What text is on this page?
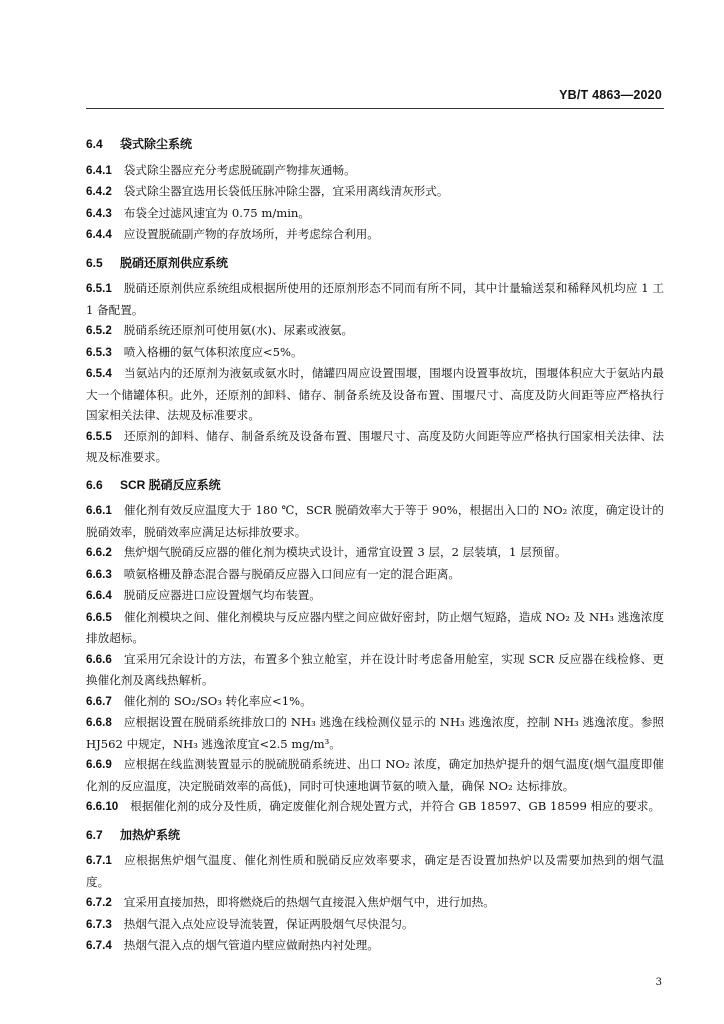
YB/T 4863—2020
6.4 袋式除尘系统
6.4.1 袋式除尘器应充分考虑脱硫副产物排灰通畅。
6.4.2 袋式除尘器宜选用长袋低压脉冲除尘器，宜采用离线清灰形式。
6.4.3 布袋全过滤风速宜为 0.75 m/min。
6.4.4 应设置脱硫副产物的存放场所，并考虑综合利用。
6.5 脱硝还原剂供应系统
6.5.1 脱硝还原剂供应系统组成根据所使用的还原剂形态不同而有所不同，其中计量输送泵和稀释风机均应 1 工 1 备配置。
6.5.2 脱硝系统还原剂可使用氨(水)、尿素或液氨。
6.5.3 喷入格栅的氨气体积浓度应<5%。
6.5.4 当氨站内的还原剂为液氨或氨水时，储罐四周应设置围堰，围堰内设置事故坑，围堰体积应大于氨站内最大一个储罐体积。此外，还原剂的卸料、储存、制备系统及设备布置、围堰尺寸、高度及防火间距等应严格执行国家相关法律、法规及标准要求。
6.5.5 还原剂的卸料、储存、制备系统及设备布置、围堰尺寸、高度及防火间距等应严格执行国家相关法律、法规及标准要求。
6.6 SCR 脱硝反应系统
6.6.1 催化剂有效反应温度大于 180 ℃，SCR 脱硝效率大于等于 90%，根据出入口的 NO₂ 浓度，确定设计的脱硝效率，脱硝效率应满足达标排放要求。
6.6.2 焦炉烟气脱硝反应器的催化剂为模块式设计，通常宜设置 3 层，2 层装填，1 层预留。
6.6.3 喷氨格栅及静态混合器与脱硝反应器入口间应有一定的混合距离。
6.6.4 脱硝反应器进口应设置烟气均布装置。
6.6.5 催化剂模块之间、催化剂模块与反应器内壁之间应做好密封，防止烟气短路，造成 NO₂ 及 NH₃ 逃逸浓度排放超标。
6.6.6 宜采用冗余设计的方法，布置多个独立舱室，并在设计时考虑备用舱室，实现 SCR 反应器在线检修、更换催化剂及离线热解析。
6.6.7 催化剂的 SO₂/SO₃ 转化率应<1%。
6.6.8 应根据设置在脱硝系统排放口的 NH₃ 逃逸在线检测仪显示的 NH₃ 逃逸浓度，控制 NH₃ 逃逸浓度。参照 HJ562 中规定，NH₃ 逃逸浓度宜<2.5 mg/m³。
6.6.9 应根据在线监测装置显示的脱硫脱硝系统进、出口 NO₂ 浓度，确定加热炉提升的烟气温度(烟气温度即催化剂的反应温度，决定脱硝效率的高低)，同时可快速地调节氨的喷入量，确保 NO₂ 达标排放。
6.6.10 根据催化剂的成分及性质，确定废催化剂合规处置方式，并符合 GB 18597、GB 18599 相应的要求。
6.7 加热炉系统
6.7.1 应根据焦炉烟气温度、催化剂性质和脱硝反应效率要求，确定是否设置加热炉以及需要加热到的烟气温度。
6.7.2 宜采用直接加热，即将燃烧后的热烟气直接混入焦炉烟气中，进行加热。
6.7.3 热烟气混入点处应设导流装置，保证两股烟气尽快混匀。
6.7.4 热烟气混入点的烟气管道内壁应做耐热内衬处理。
3
